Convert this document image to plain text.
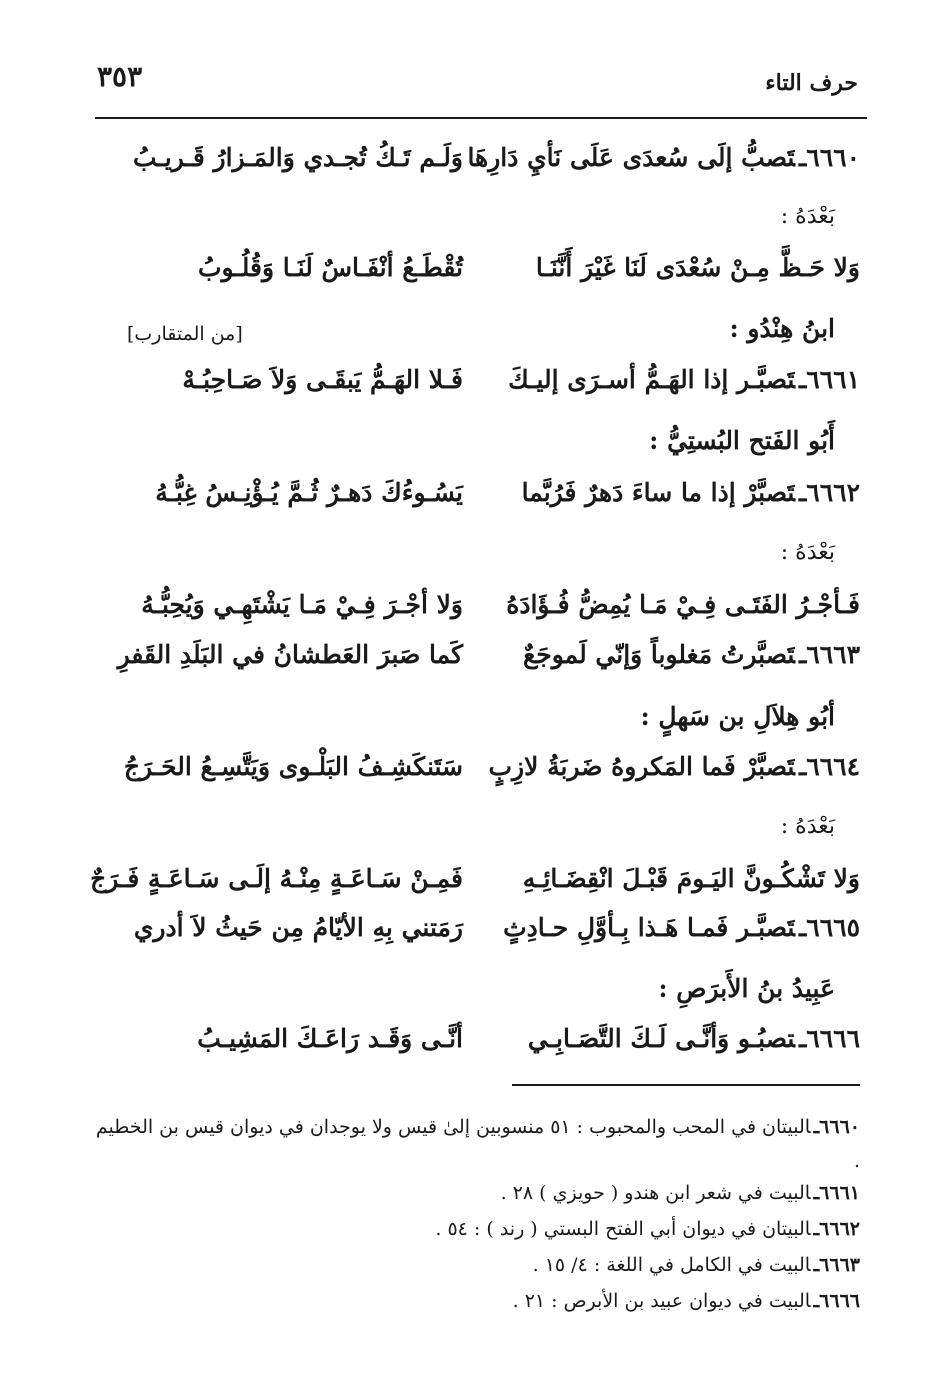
حرف التاء
٣٥٣
٦٦٦٠ـتَصبُّ إلَى سُعدَى عَلَى نَأيِ دَارِهَا
وَلَـم تَـكُ تُجـدي وَالمَـزارُ قَـريـبُ
بَعْدَهُ :
وَلا حَـظَّ مِـنْ سُعْدَى لَنَا غَيْرَ أَنَّنَـا
تُقْطَـعُ أنْفَـاسٌ لَنَـا وَقُلُـوبُ
ابنُ هِنْدُو :
[من المتقارب]
٦٦٦١ـتَصبَّـر إذا الهَـمُّ أسـرَى إليـكَ
فَـلا الهَـمُّ يَبقَـى وَلاَ صَـاحِبُـهْ
أَبُو الفَتح البُستِيُّ :
٦٦٦٢ـتَصبَّرْ إذا ما ساءَ دَهرٌ فَرُبَّما
يَسُـوءُكَ دَهـرٌ ثُـمَّ يُـؤْنِـسُ غِبُّـهُ
بَعْدَهُ :
فَـأجْـرُ الفَتَـى فِـيْ مَـا يُمِضُّ فُـؤَادَهُ
وَلا أجْـرَ فِـيْ مَـا يَشْتَهِـي وَيُحِبُّـهُ
٦٦٦٣ـتَصبَّرتُ مَغلوباً وَإنّي لَموجَعٌ
كَما صَبرَ العَطشانُ في البَلَدِ القَفرِ
أبُو هِلاَلِ بن سَهلٍ :
٦٦٦٤ـتَصبَّرْ فَما المَكروهُ ضَربَةُ لازِبٍ
سَتَنكَشِـفُ البَلْـوى وَيَتَّسِـعُ الحَـرَجُ
بَعْدَهُ :
وَلا تَشْكُـونَّ اليَـومَ قَبْـلَ انْقِضَـائِـهِ
فَمِـنْ سَـاعَـةٍ مِنْـهُ إلَـى سَـاعَـةٍ فَـرَجٌ
٦٦٦٥ـتَصبَّـر فَمـا هَـذا بِـأوَّلِ حـادِثٍ
رَمَتني بِهِ الأيّامُ مِن حَيثُ لاَ أدري
عَبِيدُ بنُ الأَبرَصِ :
٦٦٦٦ـتصبُـو وَأنَّـى لَـكَ التَّصَـابِـي
أنَّـى وَقَـد رَاعَـكَ المَشِيـبُ
٦٦٦٠ـالبيتان في المحب والمحبوب : ٥١ منسوبين إلىٰ قيس ولا يوجدان في ديوان قيس بن الخطيم .
٦٦٦١ـالبيت في شعر ابن هندو ( حويزي ) ٢٨ .
٦٦٦٢ـالبيتان في ديوان أبي الفتح البستي ( رند ) : ٥٤ .
٦٦٦٣ـالبيت في الكامل في اللغة : ٤/ ١٥ .
٦٦٦٦ـالبيت في ديوان عبيد بن الأبرص : ٢١ .
